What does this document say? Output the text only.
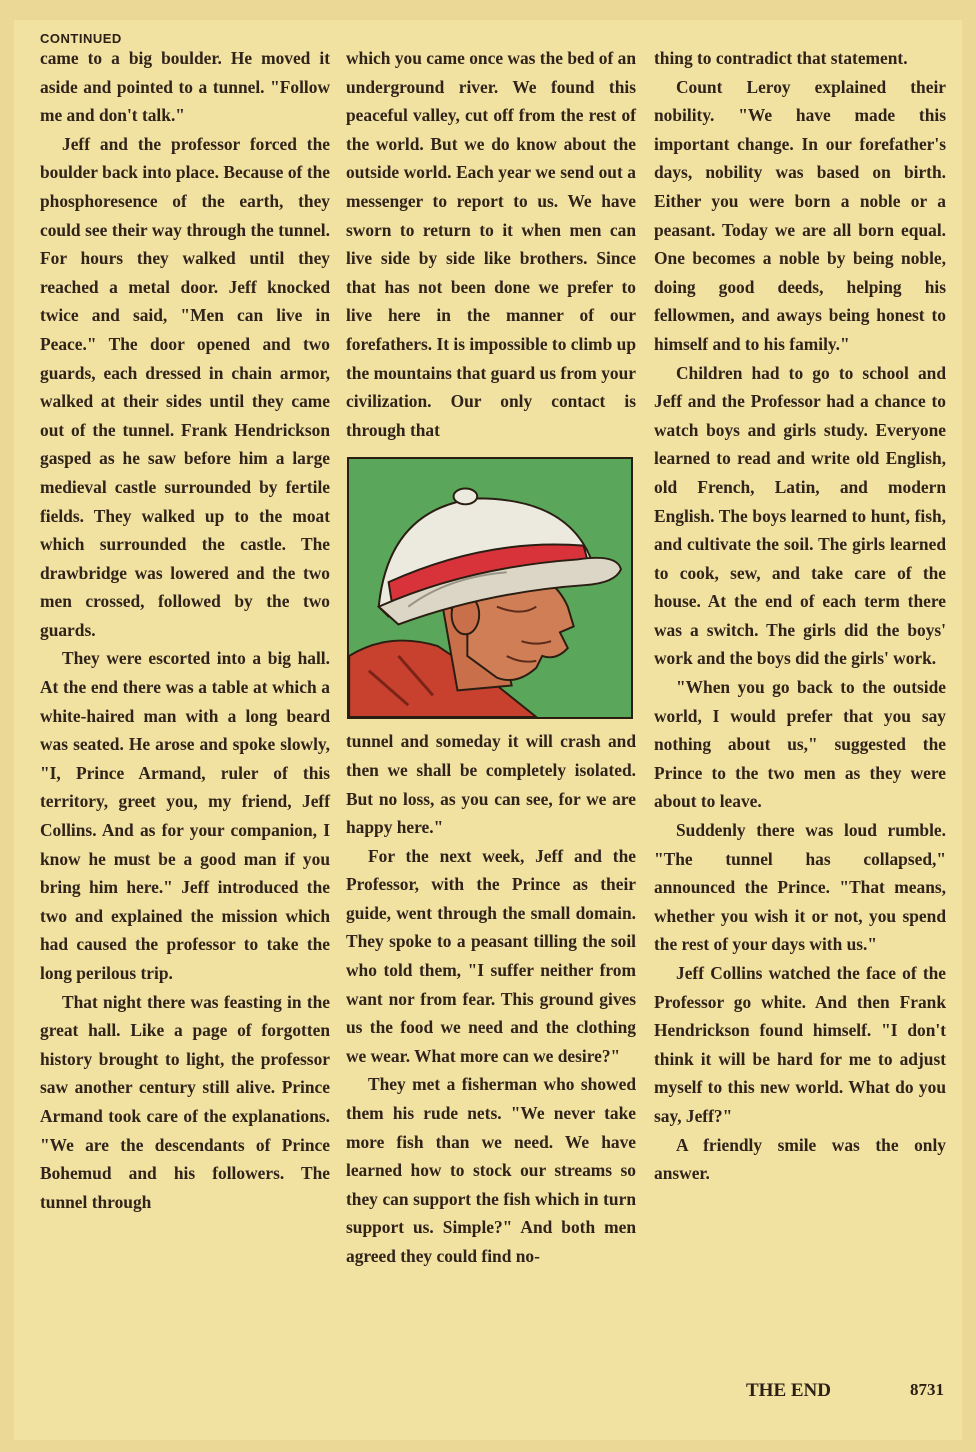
CONTINUED

came to a big boulder. He moved it aside and pointed to a tunnel. "Follow me and don't talk."

Jeff and the professor forced the boulder back into place. Because of the phosphoresence of the earth, they could see their way through the tunnel. For hours they walked until they reached a metal door. Jeff knocked twice and said, "Men can live in Peace." The door opened and two guards, each dressed in chain armor, walked at their sides until they came out of the tunnel. Frank Hendrickson gasped as he saw before him a large medieval castle surrounded by fertile fields. They walked up to the moat which surrounded the castle. The drawbridge was lowered and the two men crossed, followed by the two guards.

They were escorted into a big hall. At the end there was a table at which a white-haired man with a long beard was seated. He arose and spoke slowly, "I, Prince Armand, ruler of this territory, greet you, my friend, Jeff Collins. And as for your companion, I know he must be a good man if you bring him here." Jeff introduced the two and explained the mission which had caused the professor to take the long perilous trip.

That night there was feasting in the great hall. Like a page of forgotten history brought to light, the professor saw another century still alive. Prince Armand took care of the explanations. "We are the descendants of Prince Bohemud and his followers. The tunnel through

which you came once was the bed of an underground river. We found this peaceful valley, cut off from the rest of the world. But we do know about the outside world. Each year we send out a messenger to report to us. We have sworn to return to it when men can live side by side like brothers. Since that has not been done we prefer to live here in the manner of our forefathers. It is impossible to climb up the mountains that guard us from your civilization. Our only contact is through that

tunnel and someday it will crash and then we shall be completely isolated. But no loss, as you can see, for we are happy here."

For the next week, Jeff and the Professor, with the Prince as their guide, went through the small domain. They spoke to a peasant tilling the soil who told them, "I suffer neither from want nor from fear. This ground gives us the food we need and the clothing we wear. What more can we desire?"

They met a fisherman who showed them his rude nets. "We never take more fish than we need. We have learned how to stock our streams so they can support the fish which in turn support us. Simple?" And both men agreed they could find no-

thing to contradict that statement.

Count Leroy explained their nobility. "We have made this important change. In our forefather's days, nobility was based on birth. Either you were born a noble or a peasant. Today we are all born equal. One becomes a noble by being noble, doing good deeds, helping his fellowmen, and aways being honest to himself and to his family."

Children had to go to school and Jeff and the Professor had a chance to watch boys and girls study. Everyone learned to read and write old English, old French, Latin, and modern English. The boys learned to hunt, fish, and cultivate the soil. The girls learned to cook, sew, and take care of the house. At the end of each term there was a switch. The girls did the boys' work and the boys did the girls' work.

"When you go back to the outside world, I would prefer that you say nothing about us," suggested the Prince to the two men as they were about to leave.

Suddenly there was loud rumble. "The tunnel has collapsed," announced the Prince. "That means, whether you wish it or not, you spend the rest of your days with us."

Jeff Collins watched the face of the Professor go white. And then Frank Hendrickson found himself. "I don't think it will be hard for me to adjust myself to this new world. What do you say, Jeff?"

A friendly smile was the only answer.

THE END	8731
